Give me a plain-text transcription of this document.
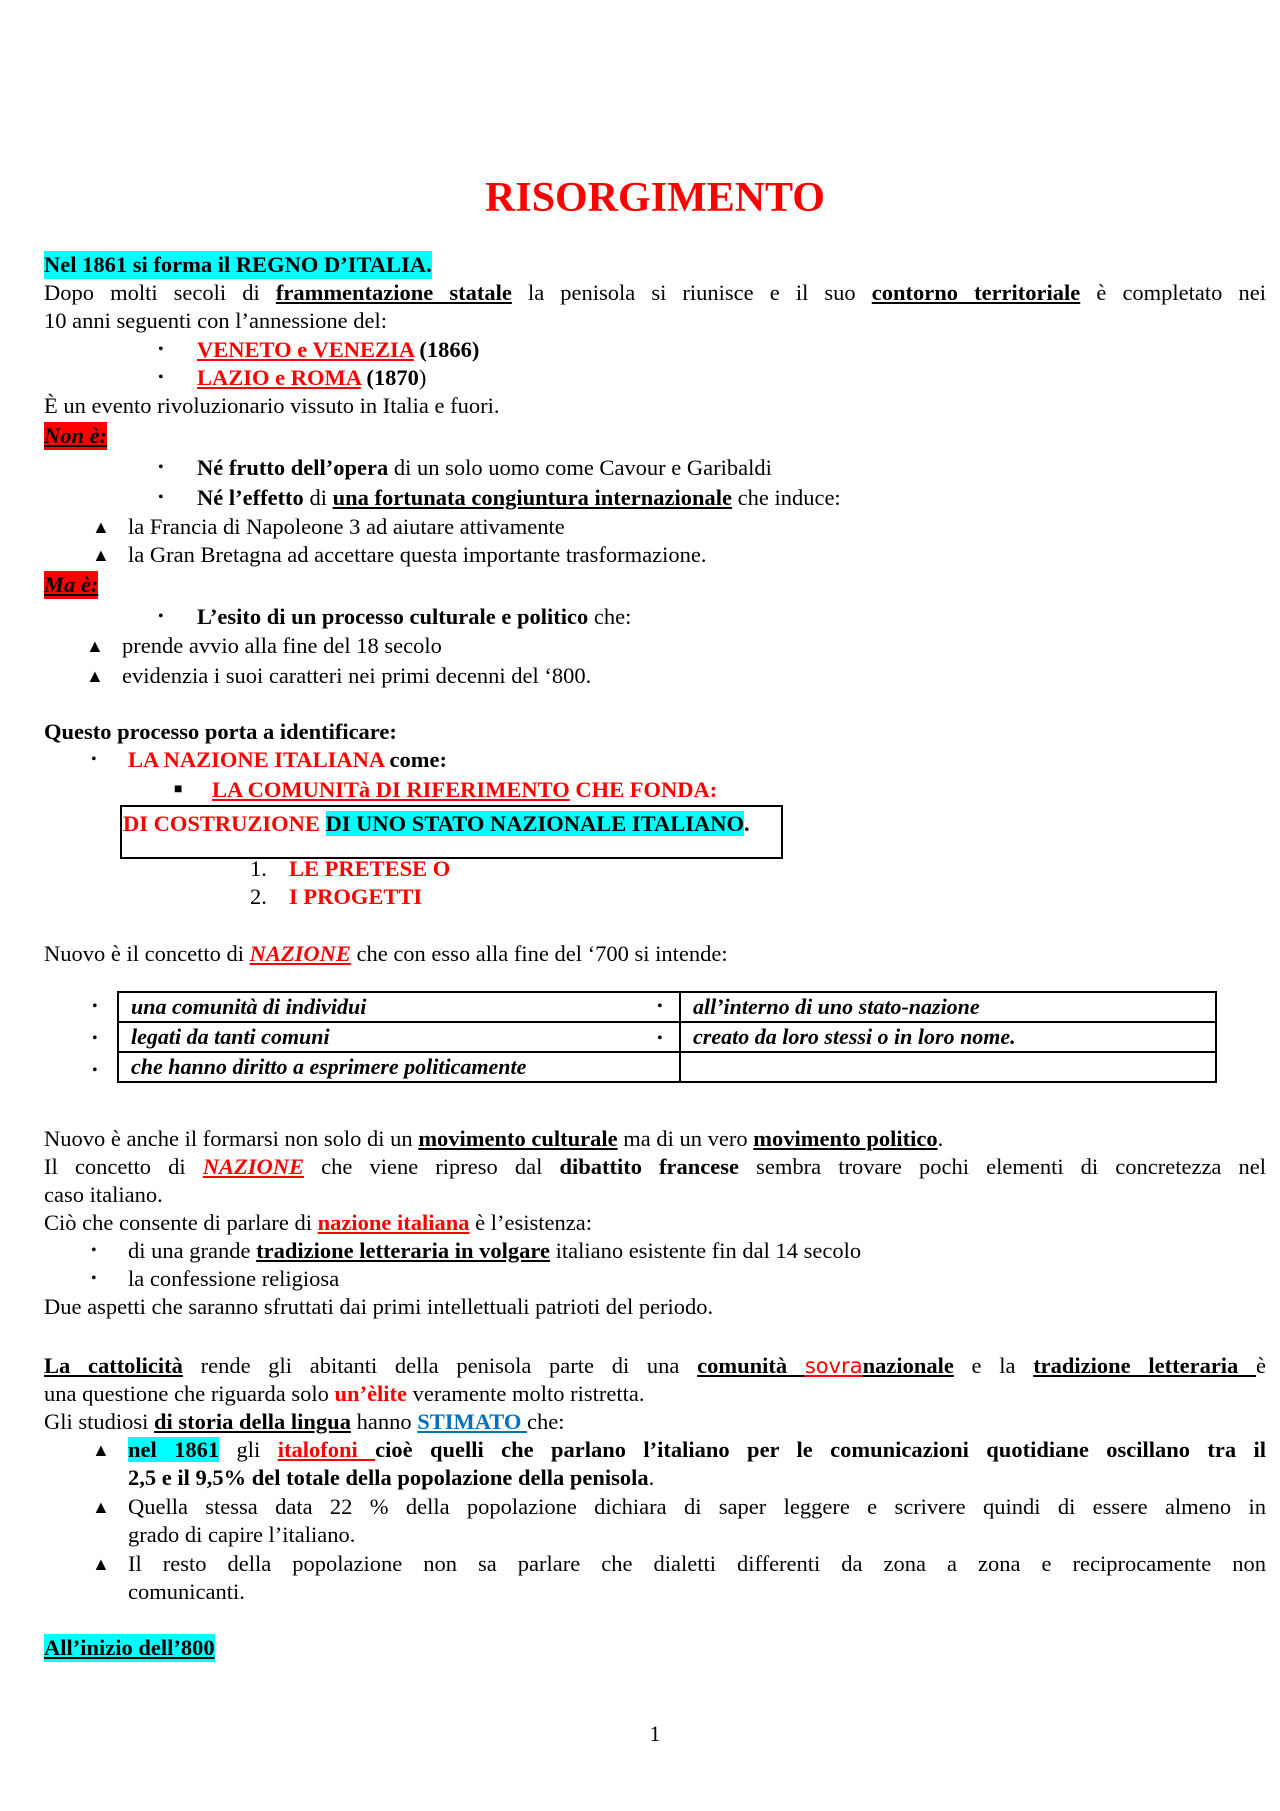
RISORGIMENTO
Nel 1861 si forma il REGNO D’ITALIA.
Dopo molti secoli di frammentazione statale la penisola si riunisce e il suo contorno territoriale è completato nei
10 anni seguenti con l’annessione del:
• VENETO e VENEZIA (1866)
• LAZIO e ROMA (1870)
È un evento rivoluzionario vissuto in Italia e fuori.
Non è:
• Né frutto dell’opera di un solo uomo come Cavour e Garibaldi
• Né l’effetto di una fortunata congiuntura internazionale che induce:
▲ la Francia di Napoleone 3 ad aiutare attivamente
▲ la Gran Bretagna ad accettare questa importante trasformazione.
Ma è:
• L’esito di un processo culturale e politico che:
▲ prende avvio alla fine del 18 secolo
▲ evidenzia i suoi caratteri nei primi decenni del ‘800.
Questo processo porta a identificare:
• LA NAZIONE ITALIANA come:
■ LA COMUNITà DI RIFERIMENTO CHE FONDA:
DI COSTRUZIONE DI UNO STATO NAZIONALE ITALIANO.
1. LE PRETESE O
2. I PROGETTI
Nuovo è il concetto di NAZIONE che con esso alla fine del ‘700 si intende:
•
•
•
•
•
una comunità di individui	all’interno di uno stato-nazione
legati da tanti comuni	creato da loro stessi o in loro nome.
che hanno diritto a esprimere politicamente	
Nuovo è anche il formarsi non solo di un movimento culturale ma di un vero movimento politico.
Il concetto di NAZIONE che viene ripreso dal dibattito francese sembra trovare pochi elementi di concretezza nel
caso italiano.
Ciò che consente di parlare di nazione italiana è l’esistenza:
• di una grande tradizione letteraria in volgare italiano esistente fin dal 14 secolo
• la confessione religiosa
Due aspetti che saranno sfruttati dai primi intellettuali patrioti del periodo.
La cattolicità rende gli abitanti della penisola parte di una comunità sovranazionale e la tradizione letteraria è
una questione che riguarda solo un’èlite veramente molto ristretta.
Gli studiosi di storia della lingua hanno STIMATO che:
▲ nel 1861 gli italofoni cioè quelli che parlano l’italiano per le comunicazioni quotidiane oscillano tra il
2,5 e il 9,5% del totale della popolazione della penisola.
▲ Quella stessa data 22 % della popolazione dichiara di saper leggere e scrivere quindi di essere almeno in
grado di capire l’italiano.
▲ Il resto della popolazione non sa parlare che dialetti differenti da zona a zona e reciprocamente non
comunicanti.
All’inizio dell’800
1
